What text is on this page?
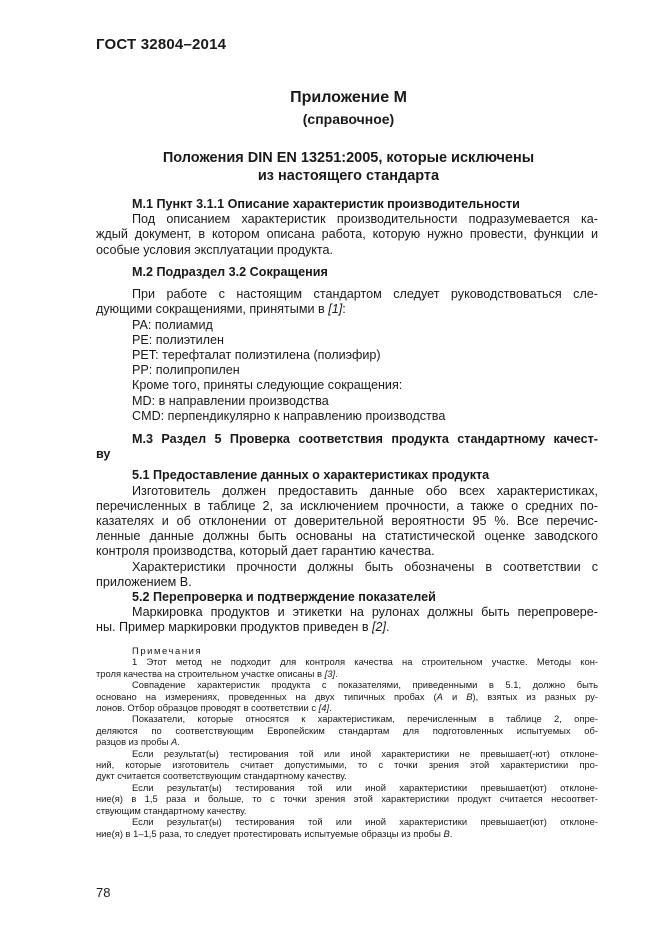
ГОСТ 32804–2014
Приложение М
(справочное)
Положения DIN EN 13251:2005, которые исключены
из настоящего стандарта
М.1 Пункт 3.1.1 Описание характеристик производительности
Под описанием характеристик производительности подразумевается ка-
ждый документ, в котором описана работа, которую нужно провести, функции и
особые условия эксплуатации продукта.
М.2 Подраздел 3.2 Сокращения
При работе с настоящим стандартом следует руководствоваться сле-
дующими сокращениями, принятыми в [1]:
PA: полиамид
PE: полиэтилен
PET: терефталат полиэтилена (полиэфир)
PP: полипропилен
Кроме того, приняты следующие сокращения:
MD: в направлении производства
CMD: перпендикулярно к направлению производства
М.3 Раздел 5 Проверка соответствия продукта стандартному качест-
ву
5.1 Предоставление данных о характеристиках продукта
Изготовитель должен предоставить данные обо всех характеристиках,
перечисленных в таблице 2, за исключением прочности, а также о средних по-
казателях и об отклонении от доверительной вероятности 95 %. Все перечис-
ленные данные должны быть основаны на статистической оценке заводского
контроля производства, который дает гарантию качества.
Характеристики прочности должны быть обозначены в соответствии с
приложением В.
5.2 Перепроверка и подтверждение показателей
Маркировка продуктов и этикетки на рулонах должны быть перепровере-
ны. Пример маркировки продуктов приведен в [2].
Примечания
1 Этот метод не подходит для контроля качества на строительном участке. Методы кон-
троля качества на строительном участке описаны в [3].
Совпадение характеристик продукта с показателями, приведенными в 5.1, должно быть
основано на измерениях, проведенных на двух типичных пробах (А и В), взятых из разных ру-
лонов. Отбор образцов проводят в соответствии с [4].
Показатели, которые относятся к характеристикам, перечисленным в таблице 2, опре-
деляются по соответствующим Европейским стандартам для подготовленных испытуемых об-
разцов из пробы А.
Если результат(ы) тестирования той или иной характеристики не превышает(-ют) отклоне-
ний, которые изготовитель считает допустимыми, то с точки зрения этой характеристики про-
дукт считается соответствующим стандартному качеству.
Если результат(ы) тестирования той или иной характеристики превышает(ют) отклоне-
ние(я) в 1,5 раза и больше, то с точки зрения этой характеристики продукт считается несоответ-
ствующим стандартному качеству.
Если результат(ы) тестирования той или иной характеристики превышает(ют) отклоне-
ние(я) в 1–1,5 раза, то следует протестировать испытуемые образцы из пробы В.
78
